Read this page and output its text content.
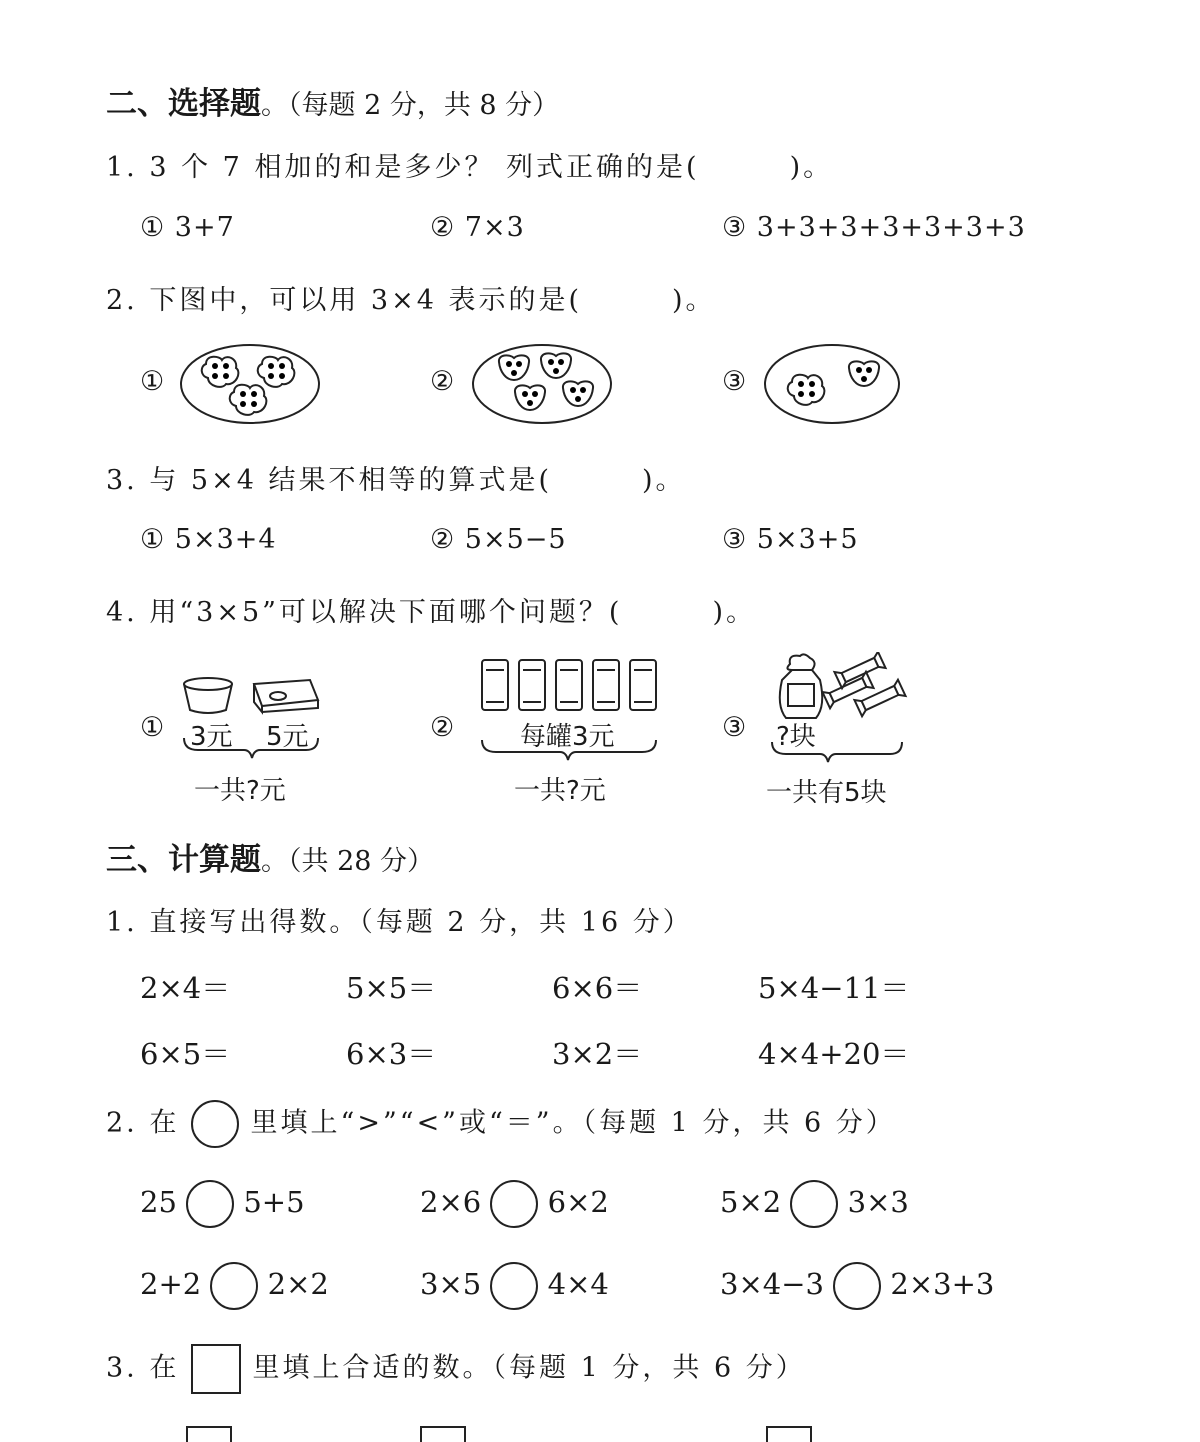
二、选择题。（每题 2 分，共 8 分）
1. 3 个 7 相加的和是多少？ 列式正确的是(　　　)。
① 3+7	② 7×3	③ 3+3+3+3+3+3+3
2. 下图中，可以用 3×4 表示的是(　　　)。
①	②	③
3. 与 5×4 结果不相等的算式是(　　　)。
① 5×3+4	② 5×5−5	③ 5×3+5
4. 用“3×5”可以解决下面哪个问题？(　　　)。
①	②	③
3元 5元
一共?元
每罐3元
一共?元
?块
一共有5块
三、计算题。（共 28 分）
1. 直接写出得数。（每题 2 分，共 16 分）
2×4＝	5×5＝	6×6＝	5×4−11＝
6×5＝	6×3＝	3×2＝	4×4+20＝
2. 在	里填上“>”“<”或“＝”。（每题 1 分，共 6 分）
25 5+5	2×6 6×2	5×2 3×3
2+2 2×2	3×5 4×4	3×4−3 2×3+3
3. 在	里填上合适的数。（每题 1 分，共 6 分）
